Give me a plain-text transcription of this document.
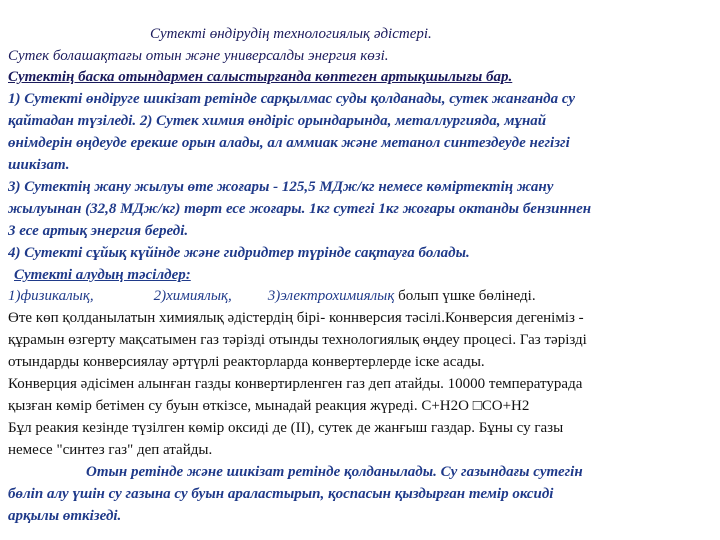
Сутекті өндірудің технологиялық әдістері.
Сутек болашақтағы отын және универсалды энергия көзі.
Сутектің баска отындармен салыстырғанда көптеген артықшылығы бар.
1) Сутекті өндіруге шикізат ретінде сарқылмас суды қолданады, сутек жанғанда су
қайтадан түзіледі. 2) Сутек химия өндіріс орындарында, металлургияда, мұнай
өнімдерін өңдеуде ерекше орын алады, ал аммиак және метанол синтездеуде негізгі
шикізат.
3) Сутектің жану жылуы өте жоғары - 125,5 МДж/кг немесе көміртектің жану
жылуынан (32,8 МДж/кг) төрт есе жоғары. 1кг сутегі 1кг жоғары октанды бензиннен
3 есе артық энергия береді.
4) Сутекті сұйық күйінде және гидридтер түрінде сақтауға болады.
Сутекті алудың тәсілдер:
1)физикалық,	2)химиялық, 3)электрохимиялық болып үшке бөлінеді.
Өте көп қолданылатын химиялық әдістердің бірі- коннверсия тәсілі.Конверсия дегеніміз -
құрамын өзгерту мақсатымен газ тәрізді отынды технологиялық өңдеу процесі. Газ тәрізді
отындарды конверсиялау әртүрлі реакторларда конвертерлерде іске асады.
Конверция әдісімен алынған газды конвертирленген газ деп атайды. 10000 температурада
қызған көмір бетімен су буын өткізсе, мынадай реакция жүреді. С+Н2О □СО+Н2
Бұл реакия кезінде түзілген көмір оксиді де (ІІ), сутек де жанғыш газдар. Бұны су газы
немесе "синтез газ" деп атайды.
Отын ретінде және шикізат ретінде қолданылады. Су газындағы сутегін
бөліп алу үшін су газына су буын араластырып, қоспасын қыздырған темір оксиді
арқылы өткізеді.
